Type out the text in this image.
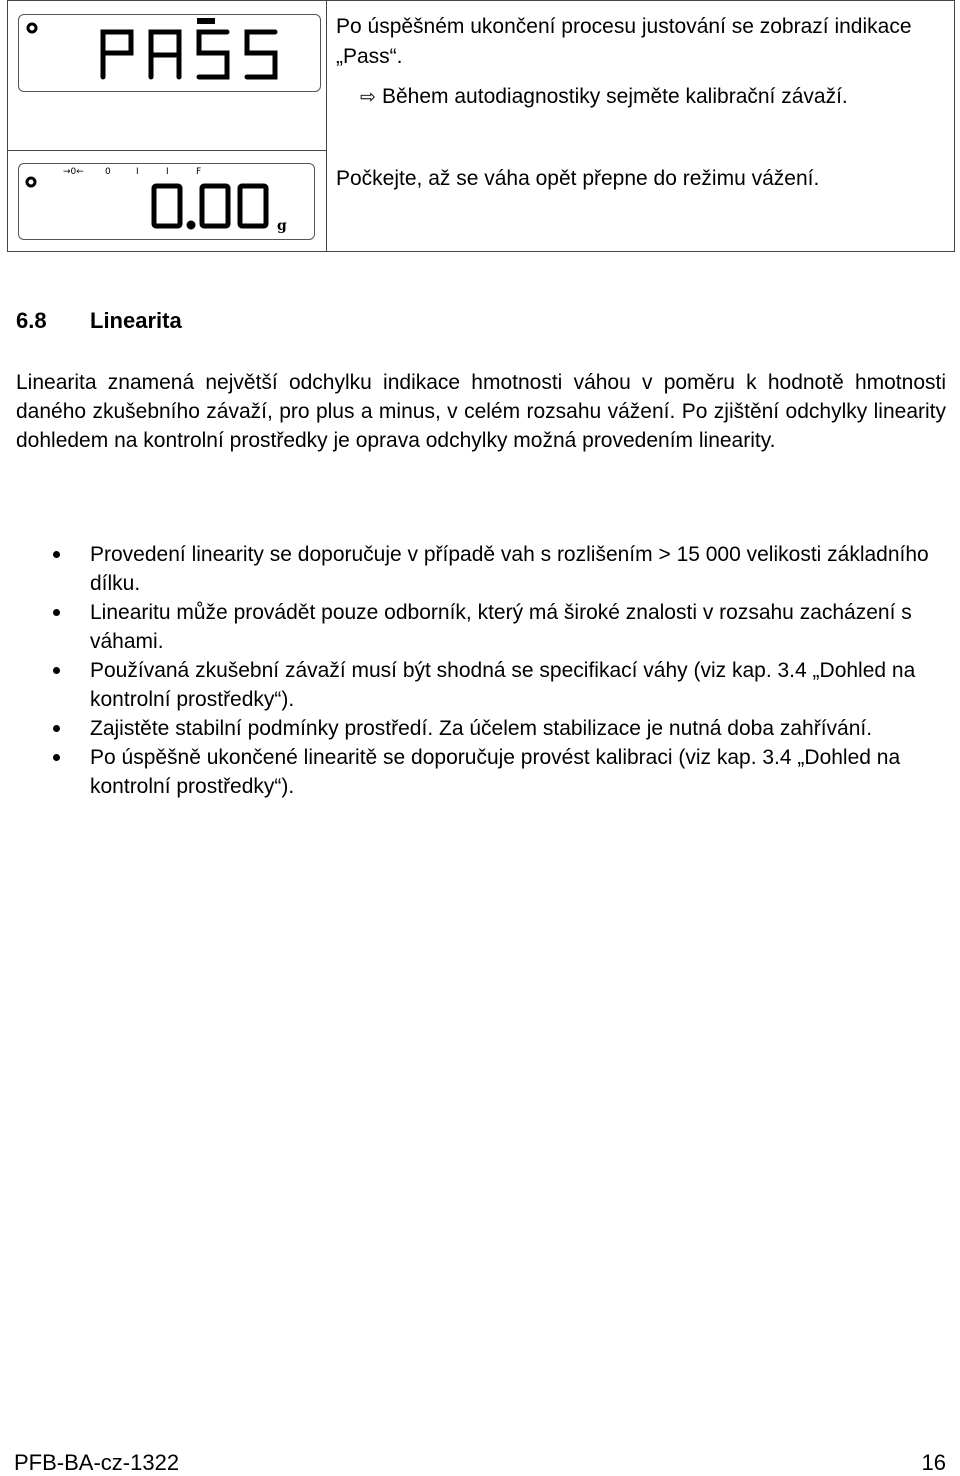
→0← 0	I	I	F
g
Po úspěšném ukončení procesu justování se zobrazí indikace „Pass“.
⇨ Během autodiagnostiky sejměte kalibrační závaží.
Počkejte, až se váha opět přepne do režimu vážení.
6.8 Linearita
Linearita znamená největší odchylku indikace hmotnosti váhou v poměru k hodnotě hmotnosti daného zkušebního závaží, pro plus a minus, v celém rozsahu vážení. Po zjištění odchylky linearity dohledem na kontrolní prostředky je oprava odchylky možná provedením linearity.
Provedení linearity se doporučuje v případě vah s rozlišením > 15 000 velikosti základního dílku.
Linearitu může provádět pouze odborník, který má široké znalosti v rozsahu zacházení s váhami.
Používaná zkušební závaží musí být shodná se specifikací váhy (viz kap. 3.4 „Dohled na kontrolní prostředky“).
Zajistěte stabilní podmínky prostředí. Za účelem stabilizace je nutná doba zahřívání.
Po úspěšně ukončené linearitě se doporučuje provést kalibraci (viz kap. 3.4 „Dohled na kontrolní prostředky“).
PFB-BA-cz-1322	16
